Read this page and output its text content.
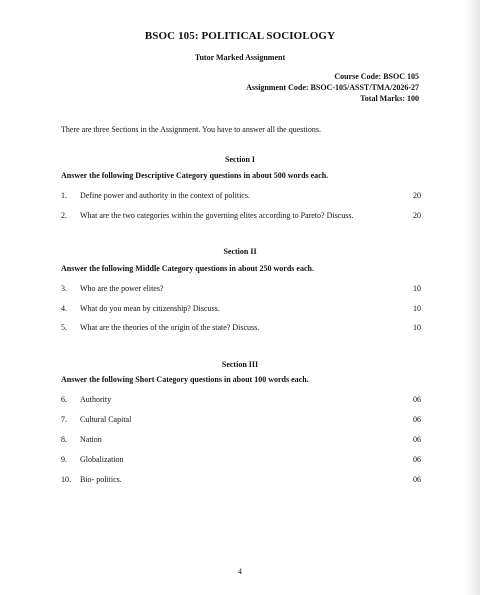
BSOC 105: POLITICAL SOCIOLOGY
Tutor Marked Assignment
Course Code: BSOC 105
Assignment Code: BSOC-105/ASST/TMA/2026-27
Total Marks: 100
There are three Sections in the Assignment. You have to answer all the questions.
Section I
Answer the following Descriptive Category questions in about 500 words each.
1.	Define power and authority in the context of politics.	20
2.	What are the two categories within the governing elites according to Pareto? Discuss.	20
Section II
Answer the following Middle Category questions in about 250 words each.
3.	Who are the power elites?	10
4.	What do you mean by citizenship? Discuss.	10
5.	What are the theories of the origin of the state? Discuss.	10
Section III
Answer the following Short Category questions in about 100 words each.
6.	Authority	06
7.	Cultural Capital	06
8.	Nation	06
9.	Globalization	06
10.	Bio- politics.	06
4
